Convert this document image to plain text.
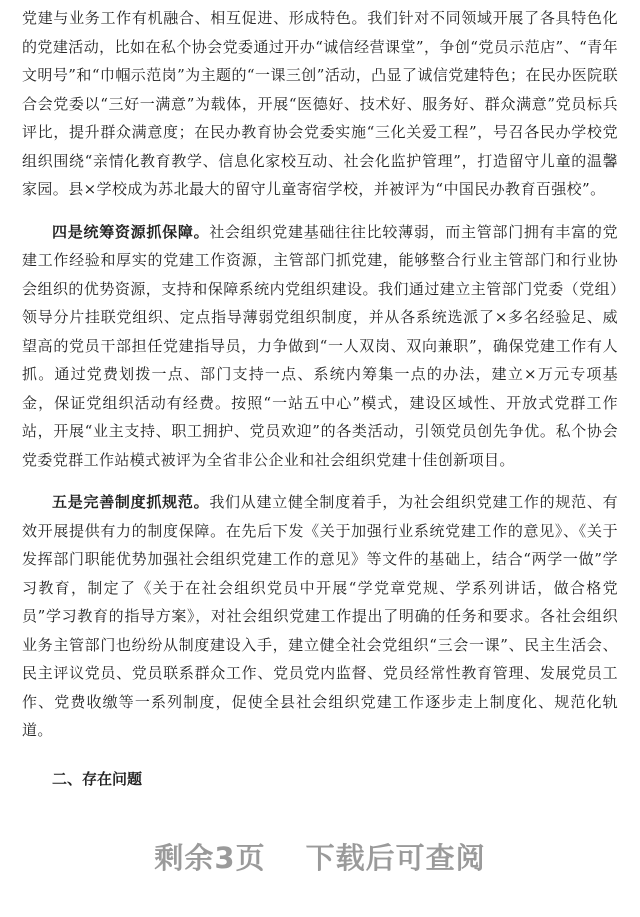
党建与业务工作有机融合、相互促进、形成特色。我们针对不同领域开展了各具特色化的党建活动，比如在私个协会党委通过开办“诚信经营课堂”，争创“党员示范店”、“青年文明号”和“巾帼示范岗”为主题的“一课三创”活动，凸显了诚信党建特色；在民办医院联合会党委以“三好一满意”为载体，开展“医德好、技术好、服务好、群众满意”党员标兵评比，提升群众满意度；在民办教育协会党委实施“三化关爱工程”，号召各民办学校党组织围绕“亲情化教育教学、信息化家校互动、社会化监护管理”，打造留守儿童的温馨家园。县×学校成为苏北最大的留守儿童寄宿学校，并被评为“中国民办教育百强校”。

四是统筹资源抓保障。社会组织党建基础往往比较薄弱，而主管部门拥有丰富的党建工作经验和厚实的党建工作资源，主管部门抓党建，能够整合行业主管部门和行业协会组织的优势资源，支持和保障系统内党组织建设。我们通过建立主管部门党委（党组）领导分片挂联党组织、定点指导薄弱党组织制度，并从各系统选派了×多名经验足、威望高的党员干部担任党建指导员，力争做到“一人双岗、双向兼职”，确保党建工作有人抓。通过党费划拨一点、部门支持一点、系统内筹集一点的办法，建立×万元专项基金，保证党组织活动有经费。按照“一站五中心”模式，建设区域性、开放式党群工作站，开展“业主支持、职工拥护、党员欢迎”的各类活动，引领党员创先争优。私个协会党委党群工作站模式被评为全省非公企业和社会组织党建十佳创新项目。

五是完善制度抓规范。我们从建立健全制度着手，为社会组织党建工作的规范、有效开展提供有力的制度保障。在先后下发《关于加强行业系统党建工作的意见》、《关于发挥部门职能优势加强社会组织党建工作的意见》等文件的基础上，结合“两学一做”学习教育，制定了《关于在社会组织党员中开展“学党章党规、学系列讲话，做合格党员”学习教育的指导方案》，对社会组织党建工作提出了明确的任务和要求。各社会组织业务主管部门也纷纷从制度建设入手，建立健全社会党组织“三会一课”、民主生活会、民主评议党员、党员联系群众工作、党员党内监督、党员经常性教育管理、发展党员工作、党费收缴等一系列制度，促使全县社会组织党建工作逐步走上制度化、规范化轨道。

二、存在问题
剩余3页 下载后可查阅
